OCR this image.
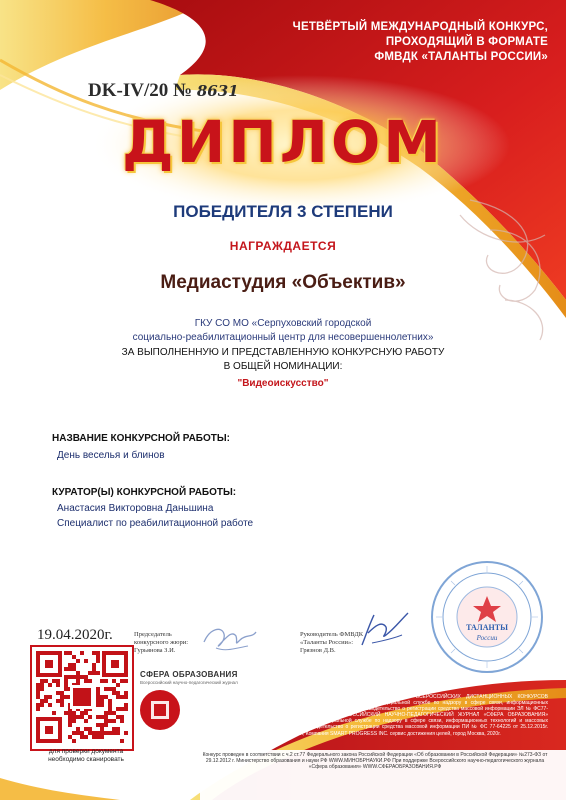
ЧЕТВЁРТЫЙ МЕЖДУНАРОДНЫЙ КОНКУРС,
ПРОХОДЯЩИЙ В ФОРМАТЕ
ФМВДК «ТАЛАНТЫ РОССИИ»
DK-IV/20 № 8631
ДИПЛОМ
ПОБЕДИТЕЛЯ 3 СТЕПЕНИ
НАГРАЖДАЕТСЯ
Медиастудия «Объектив»
ГКУ СО МО «Серпуховский городской
социально-реабилитационный центр для несовершеннолетних»
ЗА ВЫПОЛНЕННУЮ И ПРЕДСТАВЛЕННУЮ КОНКУРСНУЮ РАБОТУ
В ОБЩЕЙ НОМИНАЦИИ:
"Видеоискусство"
НАЗВАНИЕ КОНКУРСНОЙ РАБОТЫ:
День веселья и блинов
КУРАТОР(Ы) КОНКУРСНОЙ РАБОТЫ:
Анастасия Викторовна Даньшина
Специалист по реабилитационной работе
19.04.2020г.	Председатель
конкурсного жюри:
Гурьянова З.И.
Руководитель ФМВДК
«Таланты России»:
Грязнов Д.В.
ТАЛАНТЫ
России
для проверки документа
необходимо сканировать
СФЕРА ОБРАЗОВАНИЯ
Всероссийский научно-педагогический журнал
ОРГАНИЗАТОРЫ: ФЕСТИВАЛЬ МЕЖДУНАРОДНЫХ И ВСЕРОССИЙСКИХ ДИСТАНЦИОННЫХ КОНКУРСОВ «ТАЛАНТЫ РОССИИ» зарегистрирован в Федеральной службе по надзору в сфере связи, информационных технологий и массовых коммуникаций, свидетельство о регистрации средства массовой информации ЭЛ № ФС77-618638 от 15.05.2015г.; ВСЕРОССИЙСКИЙ НАУЧНО-ПЕДАГОГИЧЕСКИЙ ЖУРНАЛ «СФЕРА ОБРАЗОВАНИЯ» зарегистрирован в Федеральной службе по надзору в сфере связи, информационных технологий и массовых коммуникаций, свидетельство о регистрации средства массовой информации ПИ № ФС 77-64225 от 25.12.2015г. город Абакан; Компания SMART PROGRESS INC. сервис достижения целей, город Москва, 2020г.
Конкурс проведен в соответствии с ч.2 ст.77 Федерального закона Российской Федерации «Об образовании в Российской Федерации» №273-ФЗ от 29.12.2012 г. Министерство образования и науки РФ WWW.МИНОБРНАУКИ.РФ При поддержке Всероссийского научно-педагогического журнала «Сфера образования» WWW.СФЕРАОБРАЗОВАНИЯ.РФ
